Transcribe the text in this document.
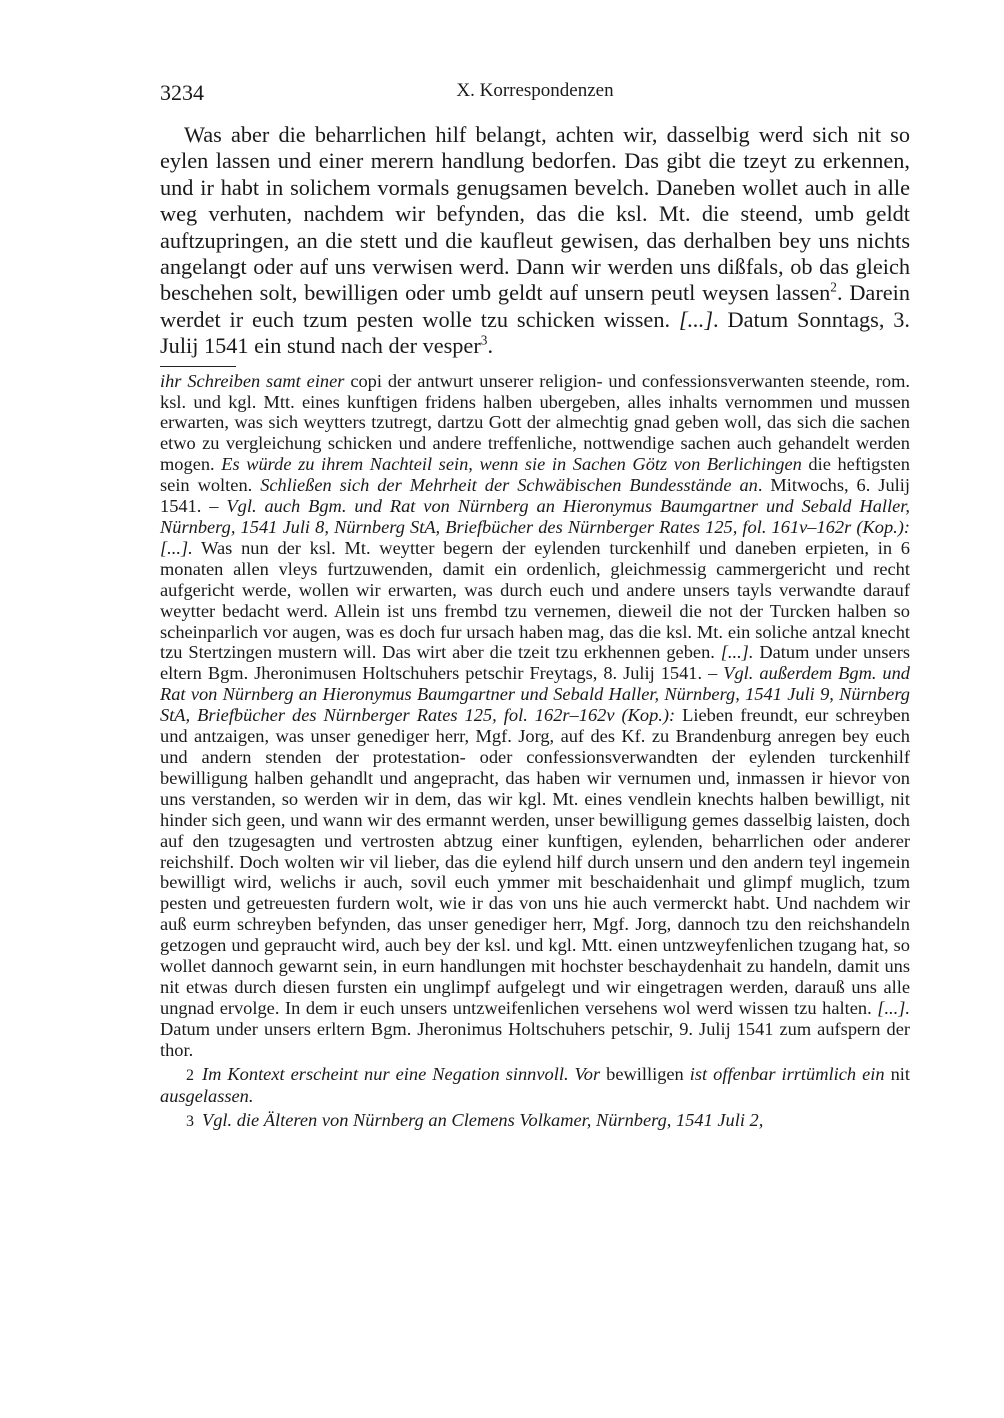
3234	X. Korrespondenzen

Was aber die beharrlichen hilf belangt, achten wir, dasselbig werd sich nit so eylen lassen und einer merern handlung bedorfen. Das gibt die tzeyt zu erkennen, und ir habt in solichem vormals genugsamen bevelch. Daneben wollet auch in alle weg verhuten, nachdem wir befynden, das die ksl. Mt. die steend, umb geldt auftzupringen, an die stett und die kaufleut gewisen, das derhalben bey uns nichts angelangt oder auf uns verwisen werd. Dann wir werden uns dißfals, ob das gleich beschehen solt, bewilligen oder umb geldt auf unsern peutl weysen lassen$^2$. Darein werdet ir euch tzum pesten wolle tzu schicken wissen. [...]. Datum Sonntags, 3. Julij 1541 ein stund nach der vesper$^3$.

ihr Schreiben samt einer copi der antwurt unserer religion- und confessionsverwanten steende, rom. ksl. und kgl. Mtt. eines kunftigen fridens halben ubergeben, alles inhalts vernommen und mussen erwarten, was sich weytters tzutregt, dartzu Gott der almechtig gnad geben woll, das sich die sachen etwo zu vergleichung schicken und andere treffenliche, nottwendige sachen auch gehandelt werden mogen. Es würde zu ihrem Nachteil sein, wenn sie in Sachen Götz von Berlichingen die heftigsten sein wolten. Schließen sich der Mehrheit der Schwäbischen Bundesstände an. Mitwochs, 6. Julij 1541. – Vgl. auch Bgm. und Rat von Nürnberg an Hieronymus Baumgartner und Sebald Haller, Nürnberg, 1541 Juli 8, Nürnberg StA, Briefbücher des Nürnberger Rates 125, fol. 161v–162r (Kop.): [...]. Was nun der ksl. Mt. weytter begern der eylenden turckenhilf und daneben erpieten, in 6 monaten allen vleys furtzuwenden, damit ein ordenlich, gleichmessig cammergericht und recht aufgericht werde, wollen wir erwarten, was durch euch und andere unsers tayls verwandte darauf weytter bedacht werd. Allein ist uns frembd tzu vernemen, dieweil die not der Turcken halben so scheinparlich vor augen, was es doch fur ursach haben mag, das die ksl. Mt. ein soliche antzal knecht tzu Stertzingen mustern will. Das wirt aber die tzeit tzu erkhennen geben. [...]. Datum under unsers eltern Bgm. Jheronimusen Holtschuhers petschir Freytags, 8. Julij 1541. – Vgl. außerdem Bgm. und Rat von Nürnberg an Hieronymus Baumgartner und Sebald Haller, Nürnberg, 1541 Juli 9, Nürnberg StA, Briefbücher des Nürnberger Rates 125, fol. 162r–162v (Kop.): Lieben freundt, eur schreyben und antzaigen, was unser genediger herr, Mgf. Jorg, auf des Kf. zu Brandenburg anregen bey euch und andern stenden der protestation- oder confessionsverwandten der eylenden turckenhilf bewilligung halben gehandlt und angepracht, das haben wir vernumen und, inmassen ir hievor von uns verstanden, so werden wir in dem, das wir kgl. Mt. eines vendlein knechts halben bewilligt, nit hinder sich geen, und wann wir des ermannt werden, unser bewilligung gemes dasselbig laisten, doch auf den tzugesagten und vertrosten abtzug einer kunftigen, eylenden, beharrlichen oder anderer reichshilf. Doch wolten wir vil lieber, das die eylend hilf durch unsern und den andern teyl ingemein bewilligt wird, welichs ir auch, sovil euch ymmer mit beschaidenhait und glimpf muglich, tzum pesten und getreuesten furdern wolt, wie ir das von uns hie auch vermerckt habt. Und nachdem wir auß eurm schreyben befynden, das unser genediger herr, Mgf. Jorg, dannoch tzu den reichshandeln getzogen und gepraucht wird, auch bey der ksl. und kgl. Mtt. einen untzweyfenlichen tzugang hat, so wollet dannoch gewarnt sein, in eurn handlungen mit hochster beschaydenhait zu handeln, damit uns nit etwas durch diesen fursten ein unglimpf aufgelegt und wir eingetragen werden, darauß uns alle ungnad ervolge. In dem ir euch unsers untzweifenlichen versehens wol werd wissen tzu halten. [...]. Datum under unsers erltern Bgm. Jheronimus Holtschuhers petschir, 9. Julij 1541 zum aufspern der thor.

2 Im Kontext erscheint nur eine Negation sinnvoll. Vor bewilligen ist offenbar irrtümlich ein nit ausgelassen.

3 Vgl. die Älteren von Nürnberg an Clemens Volkamer, Nürnberg, 1541 Juli 2,
